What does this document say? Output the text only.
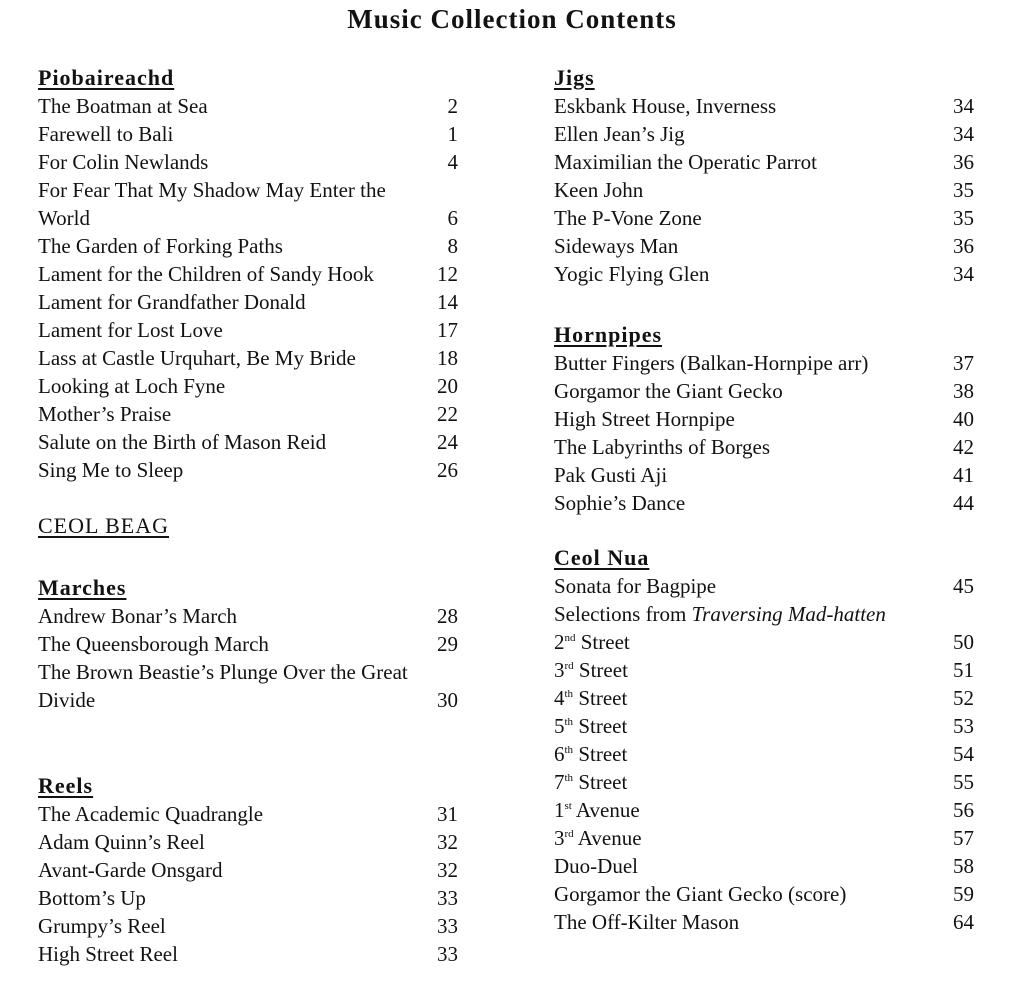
Music Collection Contents
Piobaireachd
The Boatman at Sea	2
Farewell to Bali	1
For Colin Newlands	4
For Fear That My Shadow May Enter the World	6
The Garden of Forking Paths	8
Lament for the Children of Sandy Hook	12
Lament for Grandfather Donald	14
Lament for Lost Love	17
Lass at Castle Urquhart, Be My Bride	18
Looking at Loch Fyne	20
Mother’s Praise	22
Salute on the Birth of Mason Reid	24
Sing Me to Sleep	26
CEOL BEAG
Marches
Andrew Bonar’s March	28
The Queensborough March	29
The Brown Beastie’s Plunge Over the Great Divide	30
Reels
The Academic Quadrangle	31
Adam Quinn’s Reel	32
Avant-Garde Onsgard	32
Bottom’s Up	33
Grumpy’s Reel	33
High Street Reel	33
Jigs
Eskbank House, Inverness	34
Ellen Jean’s Jig	34
Maximilian the Operatic Parrot	36
Keen John	35
The P-Vone Zone	35
Sideways Man	36
Yogic Flying Glen	34
Hornpipes
Butter Fingers (Balkan-Hornpipe arr)	37
Gorgamor the Giant Gecko	38
High Street Hornpipe	40
The Labyrinths of Borges	42
Pak Gusti Aji	41
Sophie’s Dance	44
Ceol Nua
Sonata for Bagpipe	45
Selections from Traversing Mad-hatten
2nd Street	50
3rd Street	51
4th Street	52
5th Street	53
6th Street	54
7th Street	55
1st Avenue	56
3rd Avenue	57
Duo-Duel	58
Gorgamor the Giant Gecko (score)	59
The Off-Kilter Mason	64
